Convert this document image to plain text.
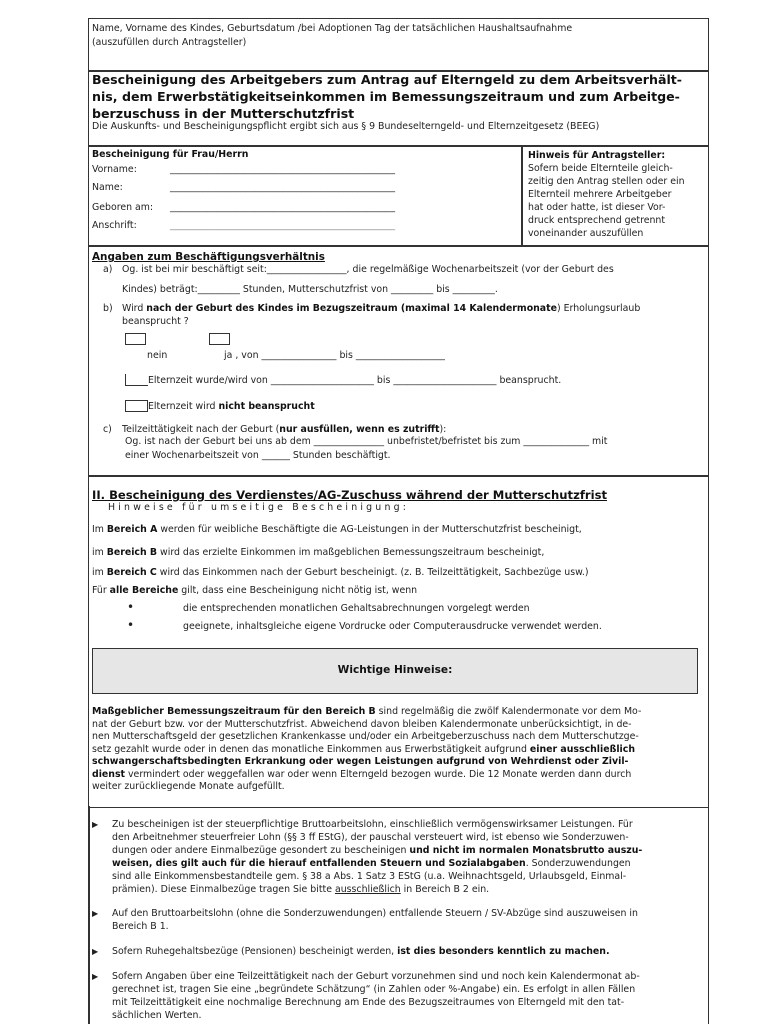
Name, Vorname des Kindes, Geburtsdatum /bei Adoptionen Tag der tatsächlichen Haushaltsaufnahme
(auszufüllen durch Antragsteller)
Bescheinigung des Arbeitgebers zum Antrag auf Elterngeld zu dem Arbeitsverhält-
nis, dem Erwerbstätigkeitseinkommen im Bemessungszeitraum und zum Arbeitge-
berzuschuss in der Mutterschutzfrist
Die Auskunfts- und Bescheinigungspflicht ergibt sich aus § 9 Bundeselterngeld- und Elternzeitgesetz (BEEG)
Bescheinigung für Frau/Herrn
Vorname:	________________________________________________
Name:	________________________________________________
Geboren am: ________________________________________________
Anschrift:	________________________________________________
Hinweis für Antragsteller:
Sofern beide Elternteile gleich-
zeitig den Antrag stellen oder ein
Elternteil mehrere Arbeitgeber
hat oder hatte, ist dieser Vor-
druck entsprechend getrennt
voneinander auszufüllen
Angaben zum Beschäftigungsverhältnis
a) Og. ist bei mir beschäftigt seit:_________________, die regelmäßige Wochenarbeitszeit (vor der Geburt des
Kindes) beträgt:_________ Stunden, Mutterschutzfrist von _________ bis _________.
b) Wird nach der Geburt des Kindes im Bezugszeitraum (maximal 14 Kalendermonate) Erholungsurlaub
beansprucht ?
nein	ja , von ________________ bis ___________________
Elternzeit wurde/wird von ______________________ bis ______________________ beansprucht.
Elternzeit wird nicht beansprucht
c) Teilzeittätigkeit nach der Geburt (nur ausfüllen, wenn es zutrifft):
Og. ist nach der Geburt bei uns ab dem _______________ unbefristet/befristet bis zum ______________ mit
einer Wochenarbeitszeit von ______ Stunden beschäftigt.
II. Bescheinigung des Verdienstes/AG-Zuschuss während der Mutterschutzfrist
Hinweise für umseitige Bescheinigung:
Im Bereich A werden für weibliche Beschäftigte die AG-Leistungen in der Mutterschutzfrist bescheinigt,
im Bereich B wird das erzielte Einkommen im maßgeblichen Bemessungszeitraum bescheinigt,
im Bereich C wird das Einkommen nach der Geburt bescheinigt. (z. B. Teilzeittätigkeit, Sachbezüge usw.)
Für alle Bereiche gilt, dass eine Bescheinigung nicht nötig ist, wenn
•	die entsprechenden monatlichen Gehaltsabrechnungen vorgelegt werden
•	geeignete, inhaltsgleiche eigene Vordrucke oder Computerausdrucke verwendet werden.
Wichtige Hinweise:
Maßgeblicher Bemessungszeitraum für den Bereich B sind regelmäßig die zwölf Kalendermonate vor dem Mo-
nat der Geburt bzw. vor der Mutterschutzfrist. Abweichend davon bleiben Kalendermonate unberücksichtigt, in de-
nen Mutterschaftsgeld der gesetzlichen Krankenkasse und/oder ein Arbeitgeberzuschuss nach dem Mutterschutzge-
setz gezahlt wurde oder in denen das monatliche Einkommen aus Erwerbstätigkeit aufgrund einer ausschließlich
schwangerschaftsbedingten Erkrankung oder wegen Leistungen aufgrund von Wehrdienst oder Zivil-
dienst vermindert oder weggefallen war oder wenn Elterngeld bezogen wurde. Die 12 Monate werden dann durch
weiter zurückliegende Monate aufgefüllt.
▶ Zu bescheinigen ist der steuerpflichtige Bruttoarbeitslohn, einschließlich vermögenswirksamer Leistungen. Für
den Arbeitnehmer steuerfreier Lohn (§§ 3 ff EStG), der pauschal versteuert wird, ist ebenso wie Sonderzuwen-
dungen oder andere Einmalbezüge gesondert zu bescheinigen und nicht im normalen Monatsbrutto auszu-
weisen, dies gilt auch für die hierauf entfallenden Steuern und Sozialabgaben. Sonderzuwendungen
sind alle Einkommensbestandteile gem. § 38 a Abs. 1 Satz 3 EStG (u.a. Weihnachtsgeld, Urlaubsgeld, Einmal-
prämien). Diese Einmalbezüge tragen Sie bitte ausschließlich in Bereich B 2 ein.
▶ Auf den Bruttoarbeitslohn (ohne die Sonderzuwendungen) entfallende Steuern / SV-Abzüge sind auszuweisen in
Bereich B 1.
▶ Sofern Ruhegehaltsbezüge (Pensionen) bescheinigt werden, ist dies besonders kenntlich zu machen.
▶ Sofern Angaben über eine Teilzeittätigkeit nach der Geburt vorzunehmen sind und noch kein Kalendermonat ab-
gerechnet ist, tragen Sie eine „begründete Schätzung“ (in Zahlen oder %-Angabe) ein. Es erfolgt in allen Fällen
mit Teilzeittätigkeit eine nochmalige Berechnung am Ende des Bezugszeitraumes von Elterngeld mit den tat-
sächlichen Werten.
